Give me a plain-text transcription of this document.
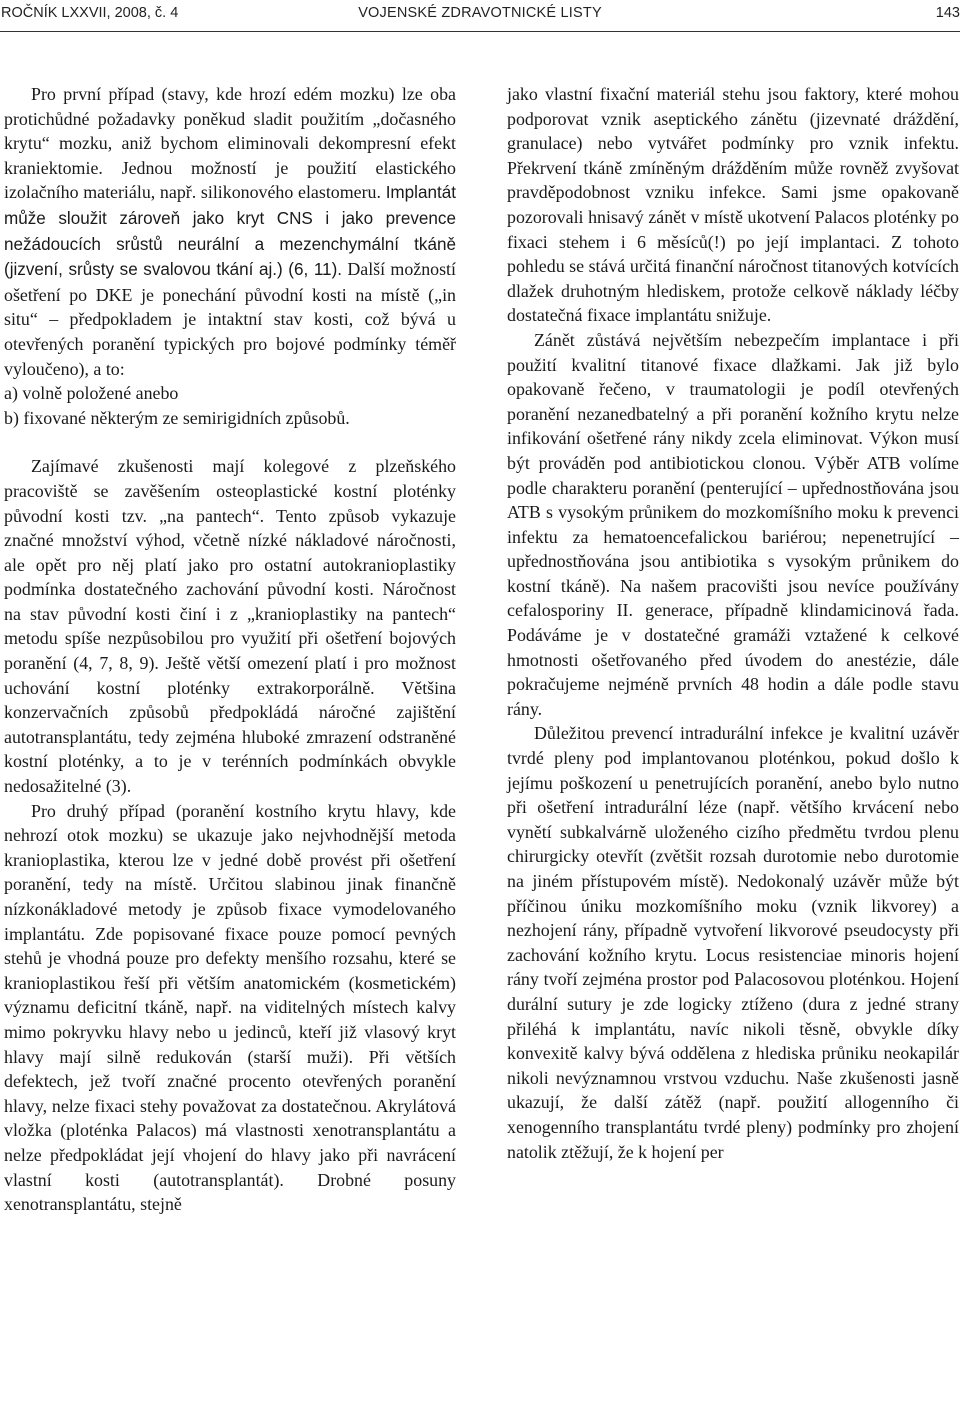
ROČNÍK LXXVII, 2008, č. 4	VOJENSKÉ ZDRAVOTNICKÉ LISTY	143

Pro první případ (stavy, kde hrozí edém mozku) lze oba protichůdné požadavky poněkud sladit použitím „dočasného krytu“ mozku, aniž bychom eliminovali dekompresní efekt kraniektomie. Jednou možností je použití elastického izolačního materiálu, např. silikonového elastomeru. Implantát může sloužit zároveň jako kryt CNS i jako prevence nežádoucích srůstů neurální a mezenchymální tkáně (jizvení, srůsty se svalovou tkání aj.) (6, 11). Další možností ošetření po DKE je ponechání původní kosti na místě („in situ“ – předpokladem je intaktní stav kosti, což bývá u otevřených poranění typických pro bojové podmínky téměř vyloučeno), a to:

a) volně položené anebo

b) fixované některým ze semirigidních způsobů.

Zajímavé zkušenosti mají kolegové z plzeňského pracoviště se zavěšením osteoplastické kostní ploténky původní kosti tzv. „na pantech“. Tento způsob vykazuje značné množství výhod, včetně nízké nákladové náročnosti, ale opět pro něj platí jako pro ostatní autokranioplastiky podmínka dostatečného zachování původní kosti. Náročnost na stav původní kosti činí i z „kranioplastiky na pantech“ metodu spíše nezpůsobilou pro využití při ošetření bojových poranění (4, 7, 8, 9). Ještě větší omezení platí i pro možnost uchování kostní ploténky extrakorporálně. Většina konzervačních způsobů předpokládá náročné zajištění autotransplantátu, tedy zejména hluboké zmrazení odstraněné kostní ploténky, a to je v terénních podmínkách obvykle nedosažitelné (3).

Pro druhý případ (poranění kostního krytu hlavy, kde nehrozí otok mozku) se ukazuje jako nejvhodnější metoda kranioplastika, kterou lze v jedné době provést při ošetření poranění, tedy na místě. Určitou slabinou jinak finančně nízkonákladové metody je způsob fixace vymodelovaného implantátu. Zde popisované fixace pouze pomocí pevných stehů je vhodná pouze pro defekty menšího rozsahu, které se kranioplastikou řeší při větším anatomickém (kosmetickém) významu deficitní tkáně, např. na viditelných místech kalvy mimo pokryvku hlavy nebo u jedinců, kteří již vlasový kryt hlavy mají silně redukován (starší muži). Při větších defektech, jež tvoří značné procento otevřených poranění hlavy, nelze fixaci stehy považovat za dostatečnou. Akrylátová vložka (ploténka Palacos) má vlastnosti xenotransplantátu a nelze předpokládat její vhojení do hlavy jako při navrácení vlastní kosti (autotransplantát). Drobné posuny xenotransplantátu, stejně

jako vlastní fixační materiál stehu jsou faktory, které mohou podporovat vznik aseptického zánětu (jizevnaté dráždění, granulace) nebo vytvářet podmínky pro vznik infektu. Překrvení tkáně zmíněným drážděním může rovněž zvyšovat pravděpodobnost vzniku infekce. Sami jsme opakovaně pozorovali hnisavý zánět v místě ukotvení Palacos ploténky po fixaci stehem i 6 měsíců(!) po její implantaci. Z tohoto pohledu se stává určitá finanční náročnost titanových kotvících dlažek druhotným hlediskem, protože celkově náklady léčby dostatečná fixace implantátu snižuje.

Zánět zůstává největším nebezpečím implantace i při použití kvalitní titanové fixace dlažkami. Jak již bylo opakovaně řečeno, v traumatologii je podíl otevřených poranění nezanedbatelný a při poranění kožního krytu nelze infikování ošetřené rány nikdy zcela eliminovat. Výkon musí být prováděn pod antibiotickou clonou. Výběr ATB volíme podle charakteru poranění (penterující – upřednostňována jsou ATB s vysokým průnikem do mozkomíšního moku k prevenci infektu za hematoencefalickou bariérou; nepenetrující – upřednostňována jsou antibiotika s vysokým průnikem do kostní tkáně). Na našem pracovišti jsou nevíce používány cefalosporiny II. generace, případně klindamicinová řada. Podáváme je v dostatečné gramáži vztažené k celkové hmotnosti ošetřovaného před úvodem do anestézie, dále pokračujeme nejméně prvních 48 hodin a dále podle stavu rány.

Důležitou prevencí intradurální infekce je kvalitní uzávěr tvrdé pleny pod implantovanou ploténkou, pokud došlo k jejímu poškození u penetrujících poranění, anebo bylo nutno při ošetření intradurální léze (např. většího krvácení nebo vynětí subkalvárně uloženého cizího předmětu tvrdou plenu chirurgicky otevřít (zvětšit rozsah durotomie nebo durotomie na jiném přístupovém místě). Nedokonalý uzávěr může být příčinou úniku mozkomíšního moku (vznik likvorey) a nezhojení rány, případně vytvoření likvorové pseudocysty při zachování kožního krytu. Locus resistenciae minoris hojení rány tvoří zejména prostor pod Palacosovou ploténkou. Hojení durální sutury je zde logicky ztíženo (dura z jedné strany přiléhá k implantátu, navíc nikoli těsně, obvykle díky konvexitě kalvy bývá oddělena z hlediska průniku neokapilár nikoli nevýznamnou vrstvou vzduchu. Naše zkušenosti jasně ukazují, že další zátěž (např. použití allogenního či xenogenního transplantátu tvrdé pleny) podmínky pro zhojení natolik ztěžují, že k hojení per
